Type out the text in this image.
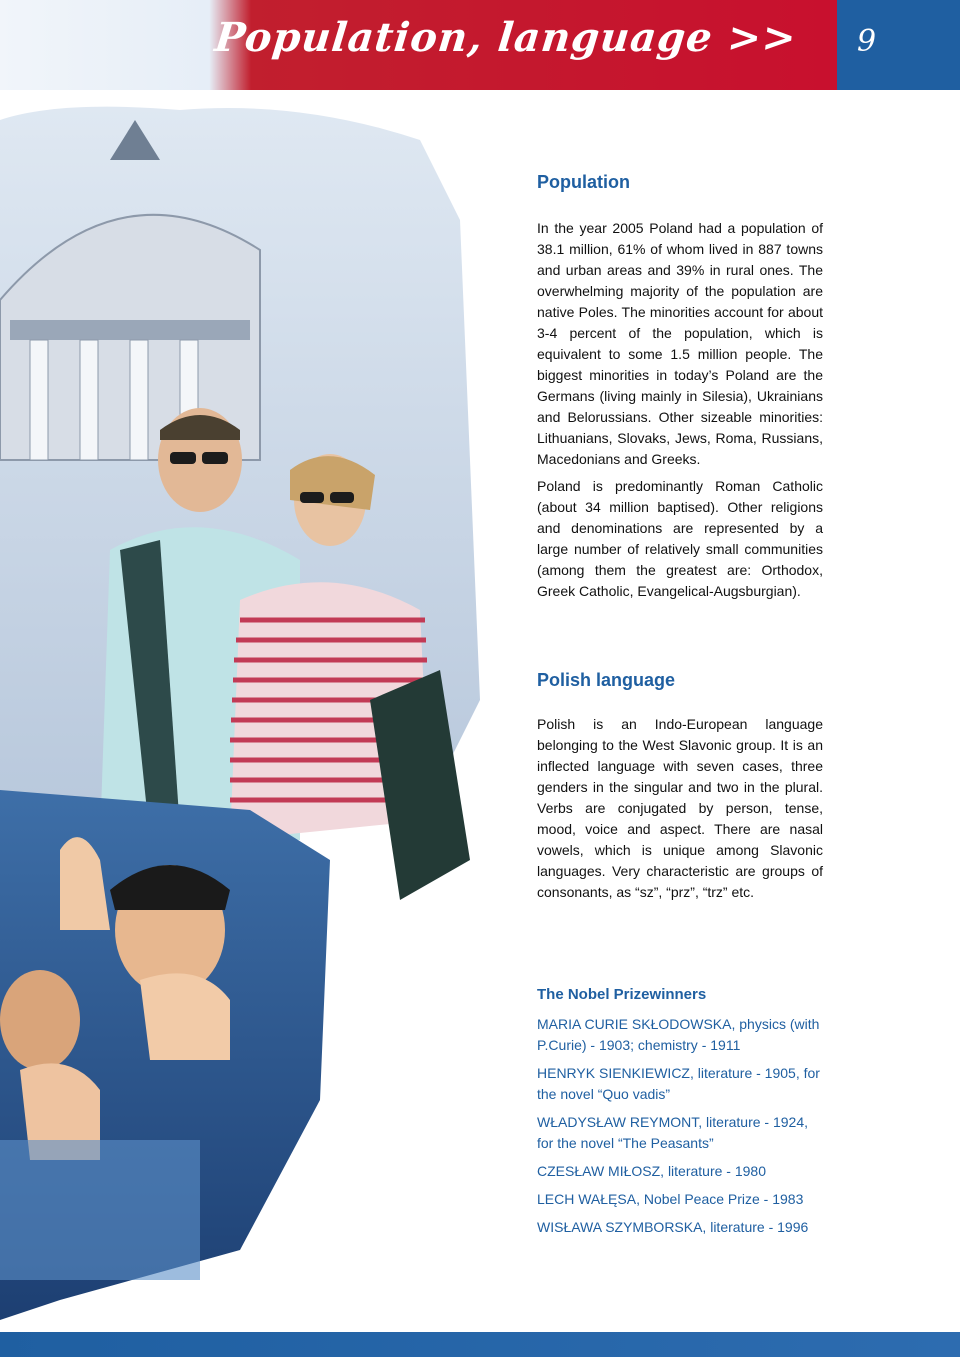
Population, language >> 9
Population

In the year 2005 Poland had a population of 38.1 million, 61% of whom lived in 887 towns and urban areas and 39% in rural ones. The overwhelming majority of the population are native Poles. The minorities account for about 3-4 percent of the population, which is equivalent to some 1.5 million people. The biggest minorities in today’s Poland are the Germans (living mainly in Silesia), Ukrainians and Belorussians. Other sizeable minorities: Lithuanians, Slovaks, Jews, Roma, Russians, Macedonians and Greeks.

Poland is predominantly Roman Catholic (about 34 million baptised). Other religions and denominations are represented by a large number of relatively small communities (among them the greatest are: Orthodox, Greek Catholic, Evangelical-Augsburgian).

Polish language

Polish is an Indo-European language belonging to the West Slavonic group. It is an inflected language with seven cases, three genders in the singular and two in the plural. Verbs are conjugated by person, tense, mood, voice and aspect. There are nasal vowels, which is unique among Slavonic languages. Very characteristic are groups of consonants, as “sz”, “prz”, “trz” etc.

The Nobel Prizewinners

MARIA CURIE SKŁODOWSKA, physics (with P.Curie) - 1903; chemistry - 1911

HENRYK SIENKIEWICZ, literature - 1905, for the novel “Quo vadis”

WŁADYSŁAW REYMONT, literature - 1924, for the novel “The Peasants”

CZESŁAW MIŁOSZ, literature - 1980

LECH WAŁĘSA, Nobel Peace Prize - 1983

WISŁAWA SZYMBORSKA, literature - 1996
